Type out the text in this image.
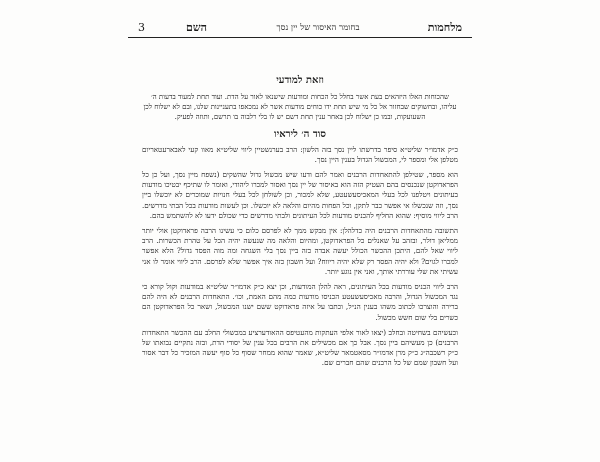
3	השם	בחומר האיסור של יין נסך	מלחמות
וזאת למודעי

שהכוחות האלו היזהאים בעת אשר בחלל כל הכחות ומודעות שישנאו לאור על הדת. ועוד תחת למעוד בדעות ה׳ עליהו, ובחשוקים שבחזור אל כל מי שיש תחת ידו כוחים מודעות אשר לא נמכאפו בתעניינות שלנו, ובם לא ישלוח לכן השעועקות, ובמו כן ישלוח לכן באחר ענין תחת דשם יש לו בלי רלבוה בו תרשם, ותוזה לפעיק.

סוד ה׳ ליראיו

כ״ק אדמו״ר שליט״א סיפר בדרשתו ליין נסך בזה הלשון: הרב בערנשטיין ליווי שליט״א מאוו קעי לאבארעטאריום מטלפן אלי ומספר לי, המכשול הגדול בענין היין נסך.

הוא מספר, שטילפן להתאחדות הרבנים ואמר להם ודעו שיש מכשול גדול שהשקים (נשפח מיין נסך, ועל כן כל הפראדוקטן שנכנסים בהם העטיק הזה הוא באיסור של יין נסך ואסור למכרו ליהודי, ואומר לו שתיכף יבטיכו מודעות בעיתונים ויטלפנו לכל בעלי המאכיסעשעטע, שלא למכור, וכן לשולחן לכל בעלי חנויות שמוכרים לא יוכשלו ביין נסך, וזה שנכשלו אי אפשר כבר לתקן, וכל הפחות מהיום והלאה לא יוכשלו. וכן לעשות מודעות בכל הבתי מדרשים. הרב ליווי מוסיף: שהוא החליף להכניס מודעות לכל העיתונים ולבתי מדרשים כדי שכולם ידעו לא להשתמש בהם.

התשובה מהתאחדות הרבנים היה כדלהלן: אין מבקש ממך לא לפרסם כלום כי עשינו הרבה פראדוקטן אולי יותר ממליאן דולר, ובזהב על שאנלים כל הפראדוקטן, ומהיום והלאה מה שנעשה יהיה הכל על טהרת הכשרות. הרב ליווי שאל להם, היתכן ההכשר הכולל יעשה אבדה כזה ביין נסך בלי השגחה ומה מוה הפסד גדול? הלא אפשר למכרו לגוים? ולא יהיה הפסד רק שלא יהיה ריווח? ועל חשבון כזה איך אפשר שלא לפרסם. הרב ליווי אומר לו אני עשיתי את שלי עוררתי אותך, ואני אין נוגע יותר.

הרב ליווי הכניס מודעות בכל העיתונים, ראה להלן המודעות, וכן יצא כ״ק אדמו״ר שליט״א במודעות וקול קורא כי נגד המכשול הגדול, והרבה מאכיסעשעטע הכניסו מודעות כמה מהם האמת, וכו׳. התאחדות הרבנים לא היה להם ברירה והוצרכו לכתוב משהו בענין הנ״ל, וכתבו על איזה פראדוקט ששם ישנו המכשול, ושאר כל הפראדוקטן הם כשרים בלי שום חשש מכשול.

וכעשיהם בשחיטה ובחלב (יצאו לאור אלפי העתקות מהעטיפס ההאודערציע במכשולי החלב עם ההכשר התאחדות הרבנים) כן מעשיהם ביין נסך. אבל כך אם מכשילים את הרבים בכל ענין של יסודי הדת, ובזה נתקיים נבואתו של כ״ק רשכבה״ג כ״ק מרן אדמו״ר מסאטמאר שליט״א, שאמר שהוא ממחר שסוף כל סוף יעשה המזכיר כל דבר אסור ועל חשבון שמם של כל הרבנים שהם חברים שם.
